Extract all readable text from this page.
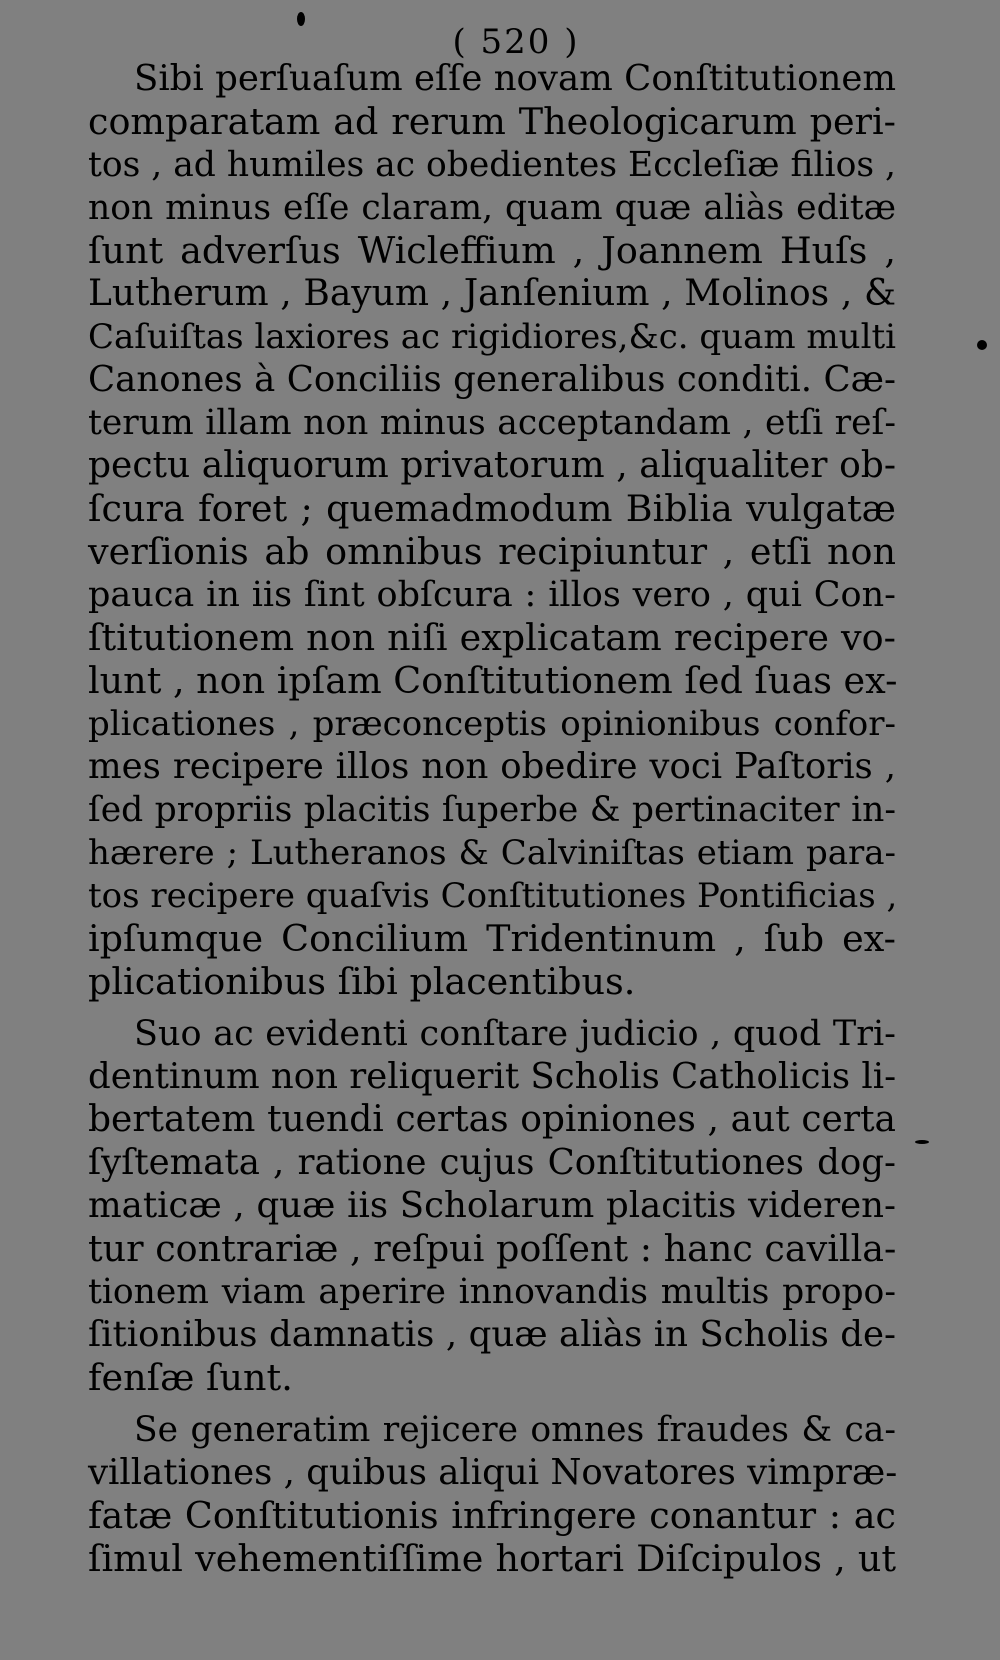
( 520 )
Sibi perſuaſum eſſe novam Conſtitutionem
comparatam ad rerum Theologicarum peri-
tos , ad humiles ac obedientes Eccleſiæ filios ,
non minus eſſe claram, quam quæ aliàs editæ
ſunt adverſus Wicleffium , Joannem Huſs ,
Lutherum , Bayum , Janſenium , Molinos , &
Caſuiſtas laxiores ac rigidiores,&c. quam multi
Canones à Conciliis generalibus conditi. Cæ-
terum illam non minus acceptandam , etſi reſ-
pectu aliquorum privatorum , aliqualiter ob-
ſcura foret ; quemadmodum Biblia vulgatæ
verſionis ab omnibus recipiuntur , etſi non
pauca in iis ſint obſcura : illos vero , qui Con-
ſtitutionem non niſi explicatam recipere vo-
lunt , non ipſam Conſtitutionem ſed ſuas ex-
plicationes , præconceptis opinionibus confor-
mes recipere illos non obedire voci Paſtoris ,
ſed propriis placitis ſuperbe & pertinaciter in-
hærere ; Lutheranos & Calviniſtas etiam para-
tos recipere quaſvis Conſtitutiones Pontificias ,
ipſumque Concilium Tridentinum , ſub ex-
plicationibus ſibi placentibus.
Suo ac evidenti conſtare judicio , quod Tri-
dentinum non reliquerit Scholis Catholicis li-
bertatem tuendi certas opiniones , aut certa
ſyſtemata , ratione cujus Conſtitutiones dog-
maticæ , quæ iis Scholarum placitis videren-
tur contrariæ , reſpui poſſent : hanc cavilla-
tionem viam aperire innovandis multis propo-
ſitionibus damnatis , quæ aliàs in Scholis de-
fenſæ ſunt.
Se generatim rejicere omnes fraudes & ca-
villationes , quibus aliqui Novatores vimpræ-
fatæ Conſtitutionis infringere conantur : ac
ſimul vehementiſſime hortari Diſcipulos , ut
